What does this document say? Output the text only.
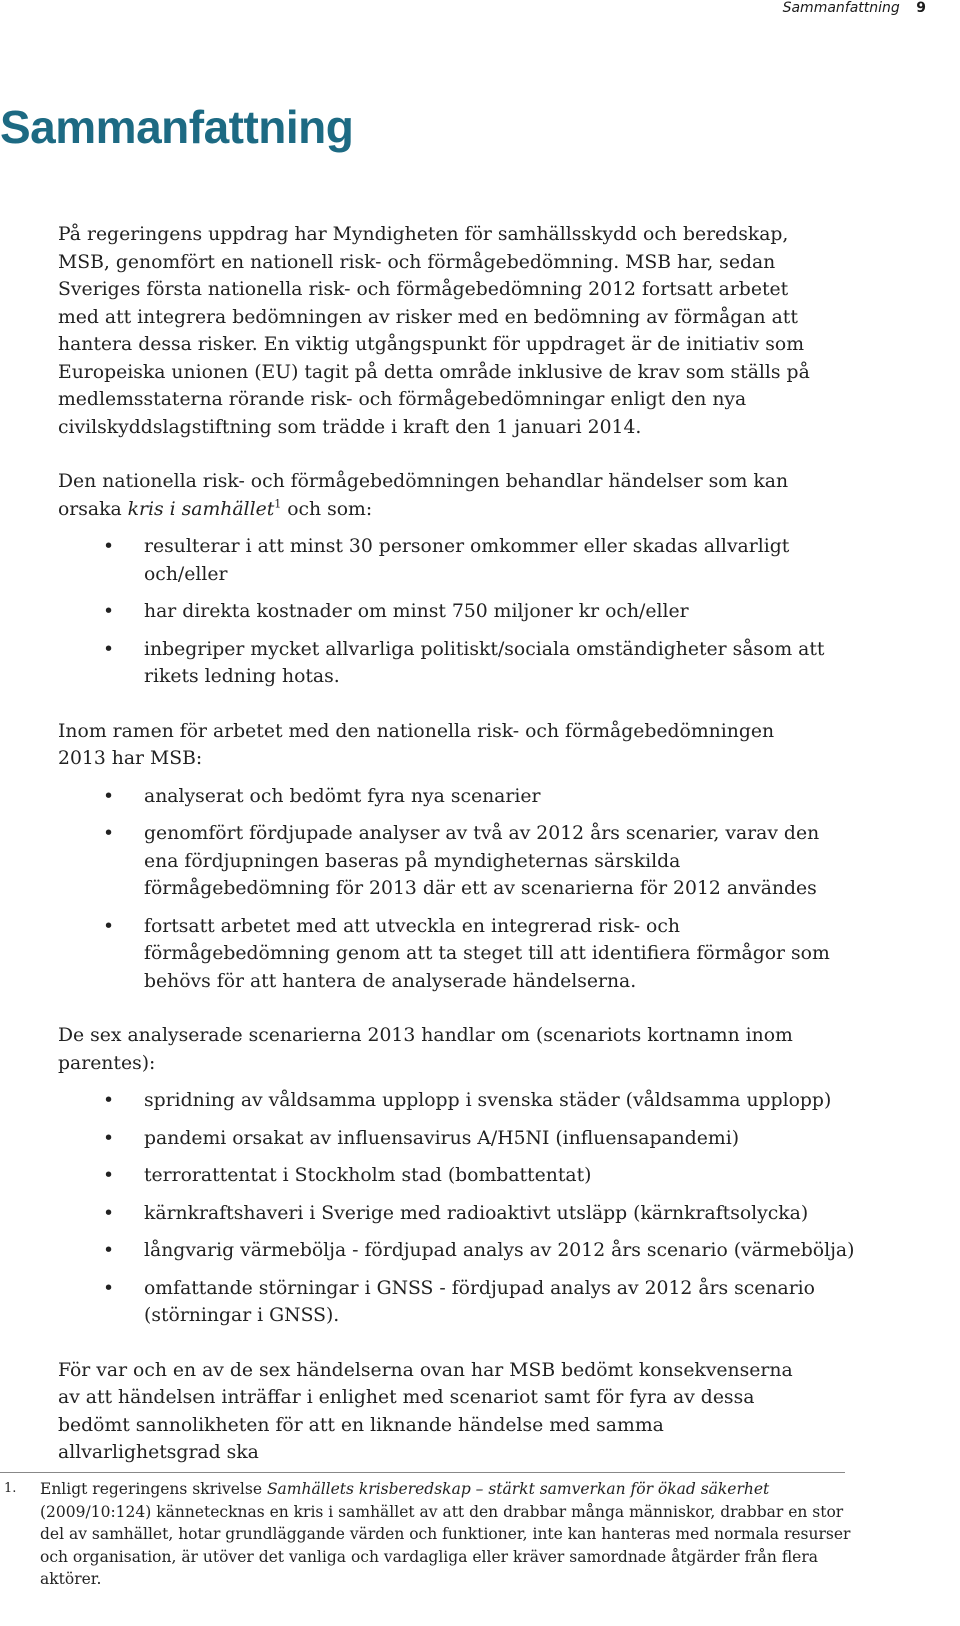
Sammanfattning 9
Sammanfattning

På regeringens uppdrag har Myndigheten för samhällsskydd och beredskap, MSB, genomfört en nationell risk- och förmågebedömning. MSB har, sedan Sveriges första nationella risk- och förmågebedömning 2012 fortsatt arbetet med att integrera bedömningen av risker med en bedömning av förmågan att hantera dessa risker. En viktig utgångspunkt för uppdraget är de initiativ som Europeiska unionen (EU) tagit på detta område inklusive de krav som ställs på medlemsstaterna rörande risk- och förmågebedömningar enligt den nya civilskyddslagstiftning som trädde i kraft den 1 januari 2014.

Den nationella risk- och förmågebedömningen behandlar händelser som kan orsaka kris i samhället$^1$ och som:

• resulterar i att minst 30 personer omkommer eller skadas allvarligt och/eller
• har direkta kostnader om minst 750 miljoner kr och/eller
• inbegriper mycket allvarliga politiskt/sociala omständigheter såsom att rikets ledning hotas.

Inom ramen för arbetet med den nationella risk- och förmågebedömningen 2013 har MSB:

• analyserat och bedömt fyra nya scenarier
• genomfört fördjupade analyser av två av 2012 års scenarier, varav den ena fördjupningen baseras på myndigheternas särskilda förmågebedömning för 2013 där ett av scenarierna för 2012 användes
• fortsatt arbetet med att utveckla en integrerad risk- och förmågebedömning genom att ta steget till att identifiera förmågor som behövs för att hantera de analyserade händelserna.

De sex analyserade scenarierna 2013 handlar om (scenariots kortnamn inom parentes):

• spridning av våldsamma upplopp i svenska städer (våldsamma upplopp)
• pandemi orsakat av influensavirus A/H5NI (influensapandemi)
• terrorattentat i Stockholm stad (bombattentat)
• kärnkraftshaveri i Sverige med radioaktivt utsläpp (kärnkraftsolycka)
• långvarig värmebölja - fördjupad analys av 2012 års scenario (värmebölja)
• omfattande störningar i GNSS - fördjupad analys av 2012 års scenario (störningar i GNSS).

För var och en av de sex händelserna ovan har MSB bedömt konsekvenserna av att händelsen inträffar i enlighet med scenariot samt för fyra av dessa bedömt sannolikheten för att en liknande händelse med samma allvarlighetsgrad ska

1. Enligt regeringens skrivelse Samhällets krisberedskap – stärkt samverkan för ökad säkerhet (2009/10:124) kännetecknas en kris i samhället av att den drabbar många människor, drabbar en stor del av samhället, hotar grundläggande värden och funktioner, inte kan hanteras med normala resurser och organisation, är utöver det vanliga och vardagliga eller kräver samordnade åtgärder från flera aktörer.
